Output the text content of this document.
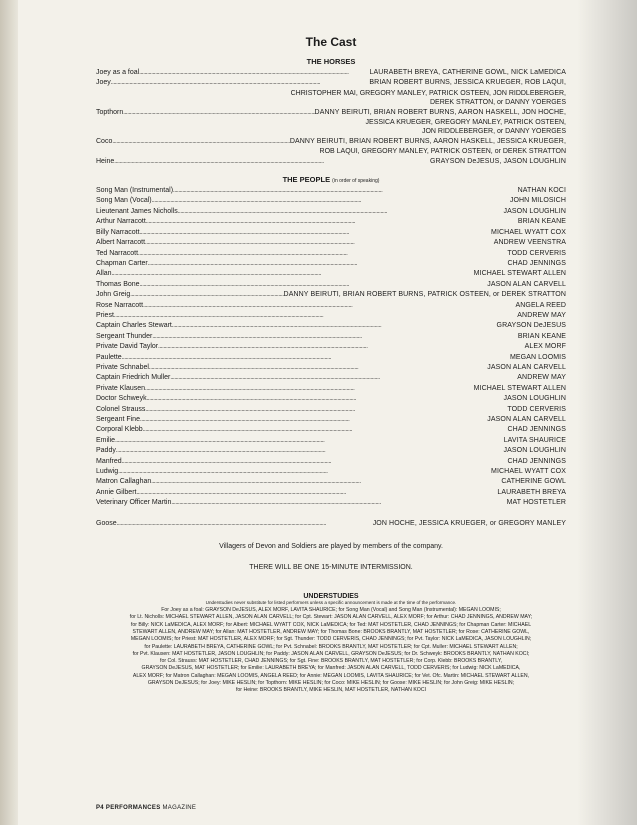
The Cast
THE HORSES
Joey as a foal . . .	LAURABETH BREYA, CATHERINE GOWL, NICK LaMEDICA
Joey . . .	BRIAN ROBERT BURNS, JESSICA KRUEGER, ROB LAQUI,
CHRISTOPHER MAI, GREGORY MANLEY, PATRICK OSTEEN, JON RIDDLEBERGER,
DEREK STRATTON, or DANNY YOERGES
Topthorn . . .	DANNY BEIRUTI, BRIAN ROBERT BURNS, AARON HASKELL, JON HOCHE,
JESSICA KRUEGER, GREGORY MANLEY, PATRICK OSTEEN,
JON RIDDLEBERGER, or DANNY YOERGES
Coco . . .	DANNY BEIRUTI, BRIAN ROBERT BURNS, AARON HASKELL, JESSICA KRUEGER,
ROB LAQUI, GREGORY MANLEY, PATRICK OSTEEN, or DEREK STRATTON
Heine . . .	GRAYSON DeJESUS, JASON LOUGHLIN
THE PEOPLE (in order of speaking)
Song Man (Instrumental) . . .	NATHAN KOCI
Song Man (Vocal) . . .	JOHN MILOSICH
Lieutenant James Nicholls . . .	JASON LOUGHLIN
Arthur Narracott . . .	BRIAN KEANE
Billy Narracott . . .	MICHAEL WYATT COX
Albert Narracott . . .	ANDREW VEENSTRA
Ted Narracott . . .	TODD CERVERIS
Chapman Carter . . .	CHAD JENNINGS
Allan . . .	MICHAEL STEWART ALLEN
Thomas Bone . . .	JASON ALAN CARVELL
John Greig . . .	DANNY BEIRUTI, BRIAN ROBERT BURNS, PATRICK OSTEEN, or DEREK STRATTON
Rose Narracott . . .	ANGELA REED
Priest . . .	ANDREW MAY
Captain Charles Stewart . . .	GRAYSON DeJESUS
Sergeant Thunder . . .	BRIAN KEANE
Private David Taylor . . .	ALEX MORF
Paulette . . .	MEGAN LOOMIS
Private Schnabel . . .	JASON ALAN CARVELL
Captain Friedrich Muller . . .	ANDREW MAY
Private Klausen . . .	MICHAEL STEWART ALLEN
Doctor Schweyk . . .	JASON LOUGHLIN
Colonel Strauss . . .	TODD CERVERIS
Sergeant Fine . . .	JASON ALAN CARVELL
Corporal Klebb . . .	CHAD JENNINGS
Emilie . . .	LAVITA SHAURICE
Paddy . . .	JASON LOUGHLIN
Manfred . . .	CHAD JENNINGS
Ludwig . . .	MICHAEL WYATT COX
Matron Callaghan . . .	CATHERINE GOWL
Annie Gilbert . . .	LAURABETH BREYA
Veterinary Officer Martin . . .	MAT HOSTETLER
Goose . . .	JON HOCHE, JESSICA KRUEGER, or GREGORY MANLEY
Villagers of Devon and Soldiers are played by members of the company.
THERE WILL BE ONE 15-MINUTE INTERMISSION.
UNDERSTUDIES
Understudies never substitute for listed performers unless a specific announcement is made at the time of the performance.
For Joey as a foal: GRAYSON DeJESUS, ALEX MORF, LAVITA SHAURICE; for Song Man (Vocal) and Song Man (Instrumental): MEGAN LOOMIS;
for Lt. Nicholls: MICHAEL STEWART ALLEN, JASON ALAN CARVELL; for Cpt. Stewart: JASON ALAN CARVELL, ALEX MORF; for Arthur: CHAD JENNINGS, ANDREW MAY;
for Billy: NICK LaMEDICA, ALEX MORF; for Albert: MICHAEL WYATT COX, NICK LaMEDICA; for Ted: MAT HOSTETLER, CHAD JENNINGS; for Chapman Carter: MICHAEL
STEWART ALLEN, ANDREW MAY; for Allan: MAT HOSTETLER, ANDREW MAY; for Thomas Bone: BROOKS BRANTLY, MAT HOSTETLER; for Rose: CATHERINE GOWL,
MEGAN LOOMIS; for Priest: MAT HOSTETLER, ALEX MORF; for Sgt. Thunder: TODD CERVERIS, CHAD JENNINGS; for Pvt. Taylor: NICK LaMEDICA, JASON LOUGHLIN;
for Paulette: LAURABETH BREYA, CATHERINE GOWL; for Pvt. Schnabel: BROOKS BRANTLY, MAT HOSTETLER; for Cpt. Muller: MICHAEL STEWART ALLEN;
for Pvt. Klausen: MAT HOSTETLER, JASON LOUGHLIN; for Paddy: JASON ALAN CARVELL, GRAYSON DeJESUS; for Dr. Schweyk: BROOKS BRANTLY, NATHAN KOCI;
for Col. Strauss: MAT HOSTETLER, CHAD JENNINGS; for Sgt. Fine: BROOKS BRANTLY, MAT HOSTETLER; for Corp. Klebb: BROOKS BRANTLY,
GRAYSON DeJESUS, MAT HOSTETLER; for Emilie: LAURABETH BREYA; for Manfred: JASON ALAN CARVELL, TODD CERVERIS; for Ludwig: NICK LaMEDICA,
ALEX MORF; for Matron Callaghan: MEGAN LOOMIS, ANGELA REED; for Annie: MEGAN LOOMIS, LAVITA SHAURICE; for Vet. Ofc. Martin: MICHAEL STEWART ALLEN,
GRAYSON DeJESUS; for Joey: MIKE HESLIN; for Topthorn: MIKE HESLIN; for Coco: MIKE HESLIN; for Goose: MIKE HESLIN; for John Greig: MIKE HESLIN;
for Heine: BROOKS BRANTLY, MIKE HESLIN, MAT HOSTETLER, NATHAN KOCI
P4 PERFORMANCES MAGAZINE
